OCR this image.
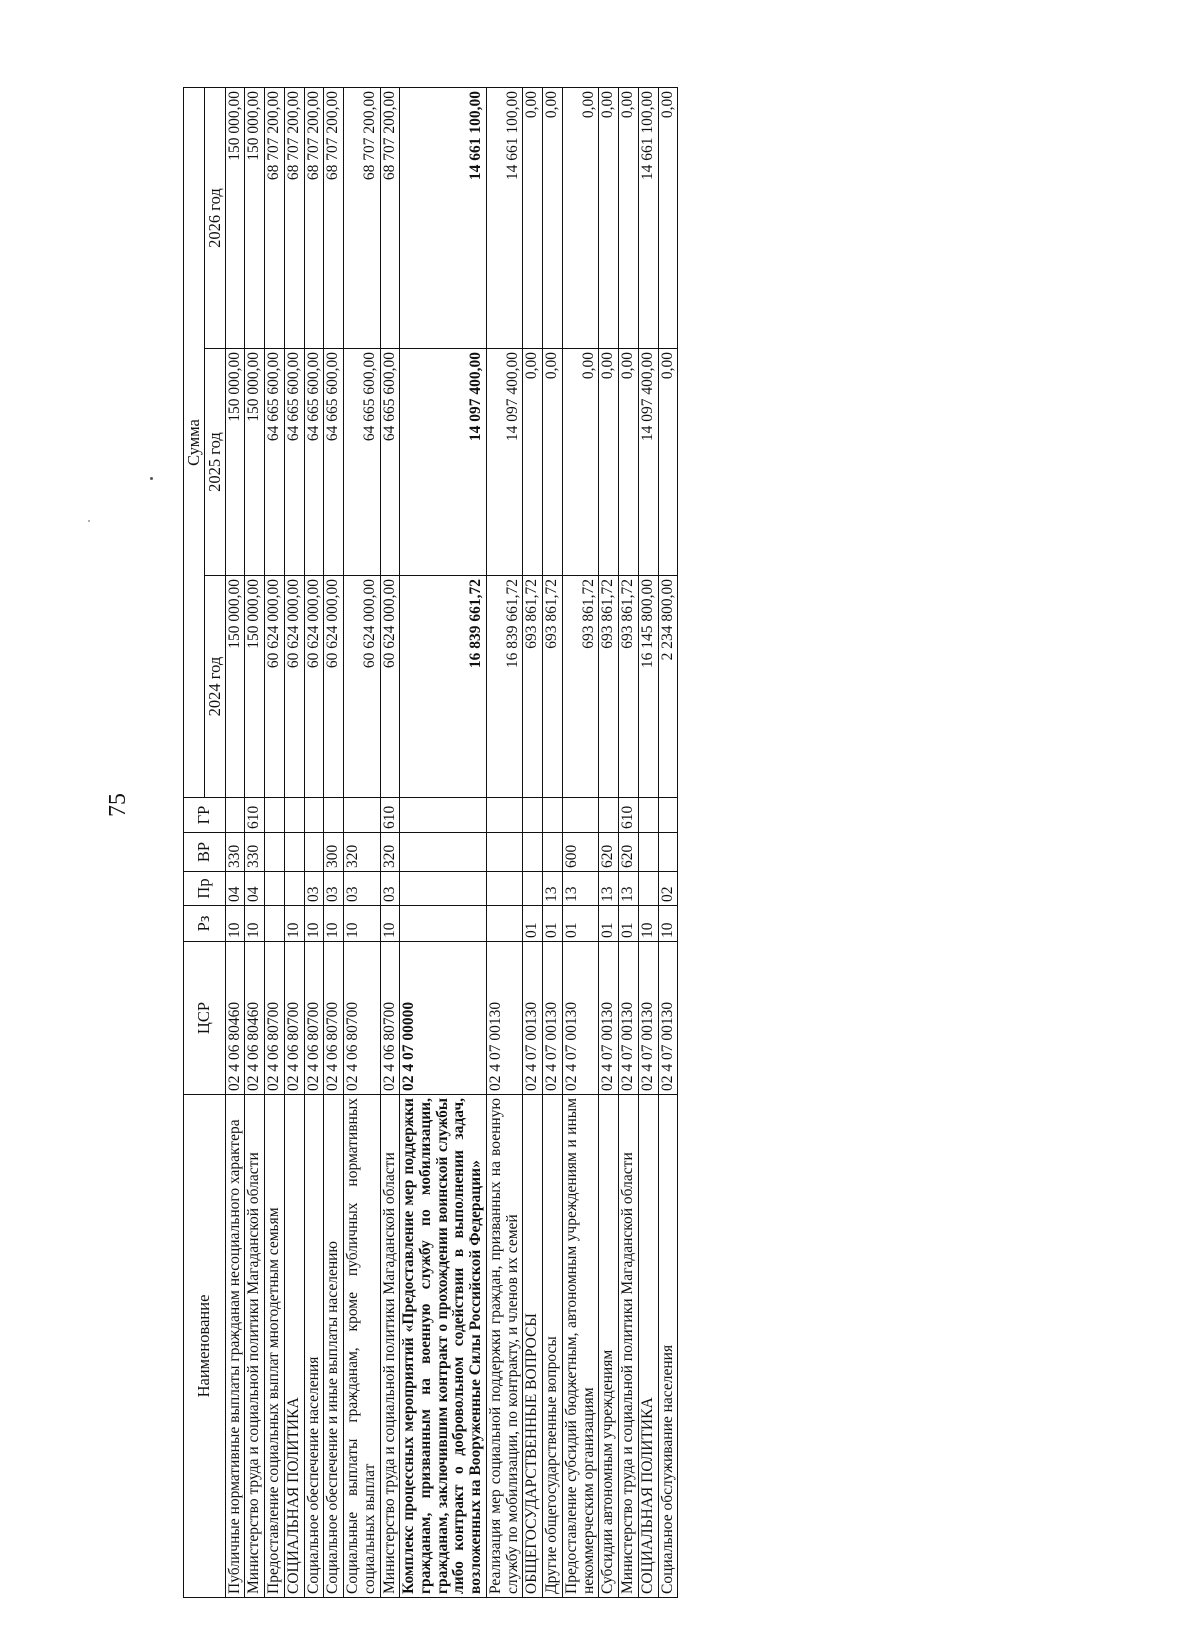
75
Наименование	ЦСР	Рз	Пр	ВР	ГР	Сумма		
						2024 год	2025 год	2026 год
Публичные нормативные выплаты гражданам несоциального характера	02 4 06 80460	10	04	330		150 000,00	150 000,00	150 000,00
Министерство труда и социальной политики Магаданской области	02 4 06 80460	10	04	330	610	150 000,00	150 000,00	150 000,00
Предоставление социальных выплат многодетным семьям	02 4 06 80700					60 624 000,00	64 665 600,00	68 707 200,00
СОЦИАЛЬНАЯ ПОЛИТИКА	02 4 06 80700	10				60 624 000,00	64 665 600,00	68 707 200,00
Социальное обеспечение населения	02 4 06 80700	10	03			60 624 000,00	64 665 600,00	68 707 200,00
Социальное обеспечение и иные выплаты населению	02 4 06 80700	10	03	300		60 624 000,00	64 665 600,00	68 707 200,00
Социальные выплаты гражданам, кроме публичных нормативных социальных выплат	02 4 06 80700	10	03	320		60 624 000,00	64 665 600,00	68 707 200,00
Министерство труда и социальной политики Магаданской области	02 4 06 80700	10	03	320	610	60 624 000,00	64 665 600,00	68 707 200,00
Комплекс процессных мероприятий «Предоставление мер поддержки гражданам, призванным на военную службу по мобилизации, гражданам, заключившим контракт о прохождении воинской службы либо контракт о добровольном содействии в выполнении задач, возложенных на Вооруженные Силы Российской Федерации»	02 4 07 00000					16 839 661,72	14 097 400,00	14 661 100,00
Реализация мер социальной поддержки граждан, призванных на военную службу по мобилизации, по контракту, и членов их семей	02 4 07 00130					16 839 661,72	14 097 400,00	14 661 100,00
ОБЩЕГОСУДАРСТВЕННЫЕ ВОПРОСЫ	02 4 07 00130	01				693 861,72	0,00	0,00
Другие общегосударственные вопросы	02 4 07 00130	01	13			693 861,72	0,00	0,00
Предоставление субсидий бюджетным, автономным учреждениям и иным некоммерческим организациям	02 4 07 00130	01	13	600		693 861,72	0,00	0,00
Субсидии автономным учреждениям	02 4 07 00130	01	13	620		693 861,72	0,00	0,00
Министерство труда и социальной политики Магаданской области	02 4 07 00130	01	13	620	610	693 861,72	0,00	0,00
СОЦИАЛЬНАЯ ПОЛИТИКА	02 4 07 00130	10				16 145 800,00	14 097 400,00	14 661 100,00
Социальное обслуживание населения	02 4 07 00130	10	02			2 234 800,00	0,00	0,00
